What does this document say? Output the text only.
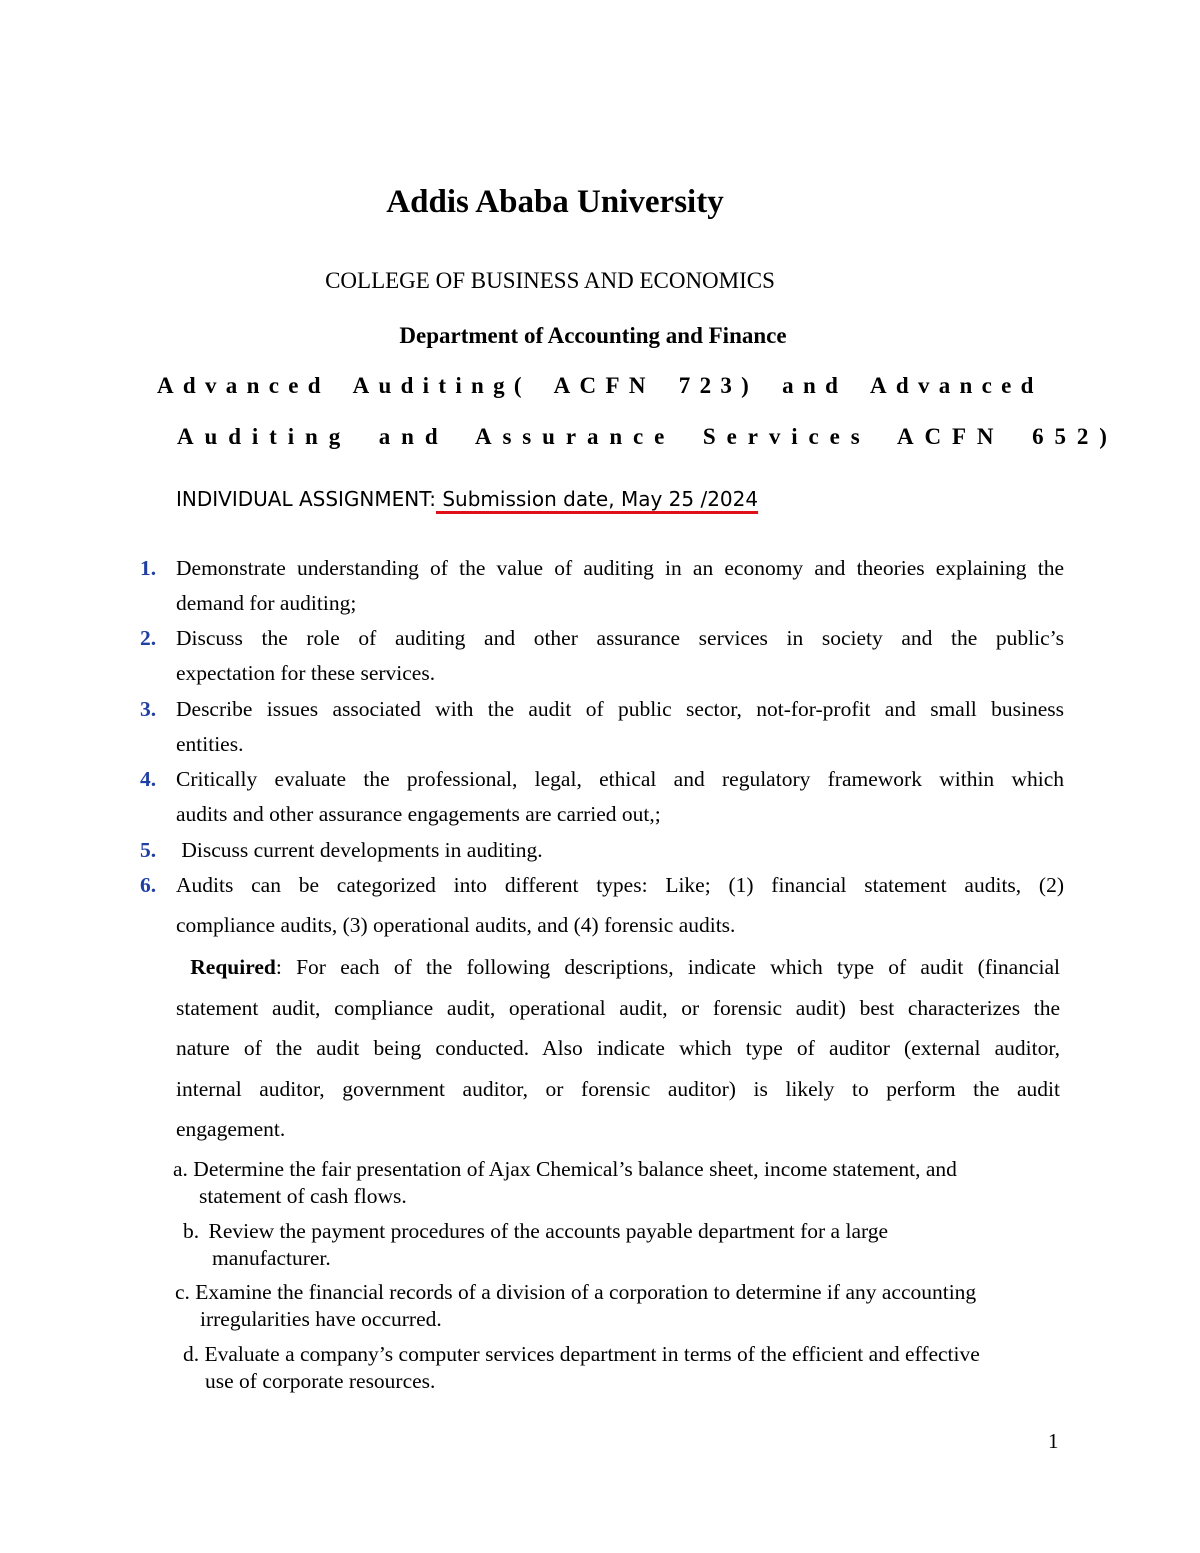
Addis Ababa University
COLLEGE OF BUSINESS AND ECONOMICS
Department of Accounting and Finance
Advanced Auditing( ACFN 723) and Advanced
Auditing and Assurance Services ACFN 652)
INDIVIDUAL ASSIGNMENT: Submission date, May 25 /2024
1. Demonstrate understanding of the value of auditing in an economy and theories explaining the
demand for auditing;
2. Discuss the role of auditing and other assurance services in society and the public’s
expectation for these services.
3. Describe issues associated with the audit of public sector, not-for-profit and small business
entities.
4. Critically evaluate the professional, legal, ethical and regulatory framework within which
audits and other assurance engagements are carried out,;
5. Discuss current developments in auditing.
6. Audits can be categorized into different types: Like; (1) financial statement audits, (2)
compliance audits, (3) operational audits, and (4) forensic audits.
Required: For each of the following descriptions, indicate which type of audit (financial
statement audit, compliance audit, operational audit, or forensic audit) best characterizes the
nature of the audit being conducted. Also indicate which type of auditor (external auditor,
internal auditor, government auditor, or forensic auditor) is likely to perform the audit
engagement.
a. Determine the fair presentation of Ajax Chemical’s balance sheet, income statement, and
statement of cash flows.
b. Review the payment procedures of the accounts payable department for a large
manufacturer.
c. Examine the financial records of a division of a corporation to determine if any accounting
irregularities have occurred.
d. Evaluate a company’s computer services department in terms of the efficient and effective
use of corporate resources.
1
